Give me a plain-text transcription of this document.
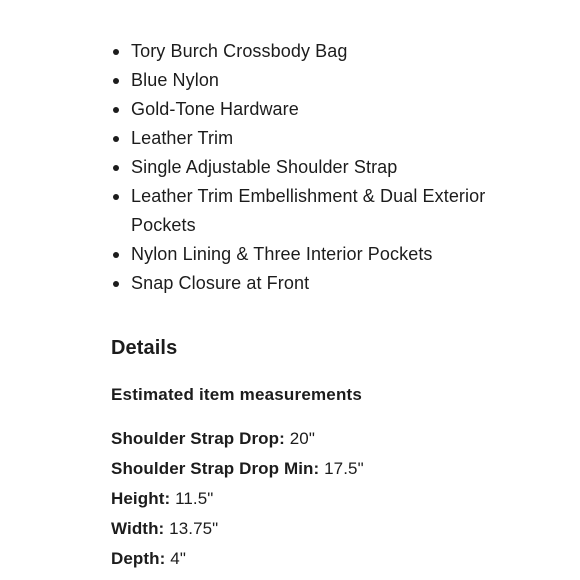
Tory Burch Crossbody Bag
Blue Nylon
Gold-Tone Hardware
Leather Trim
Single Adjustable Shoulder Strap
Leather Trim Embellishment & Dual Exterior Pockets
Nylon Lining & Three Interior Pockets
Snap Closure at Front
Details
Estimated item measurements
Shoulder Strap Drop: 20"
Shoulder Strap Drop Min: 17.5"
Height: 11.5"
Width: 13.75"
Depth: 4"
